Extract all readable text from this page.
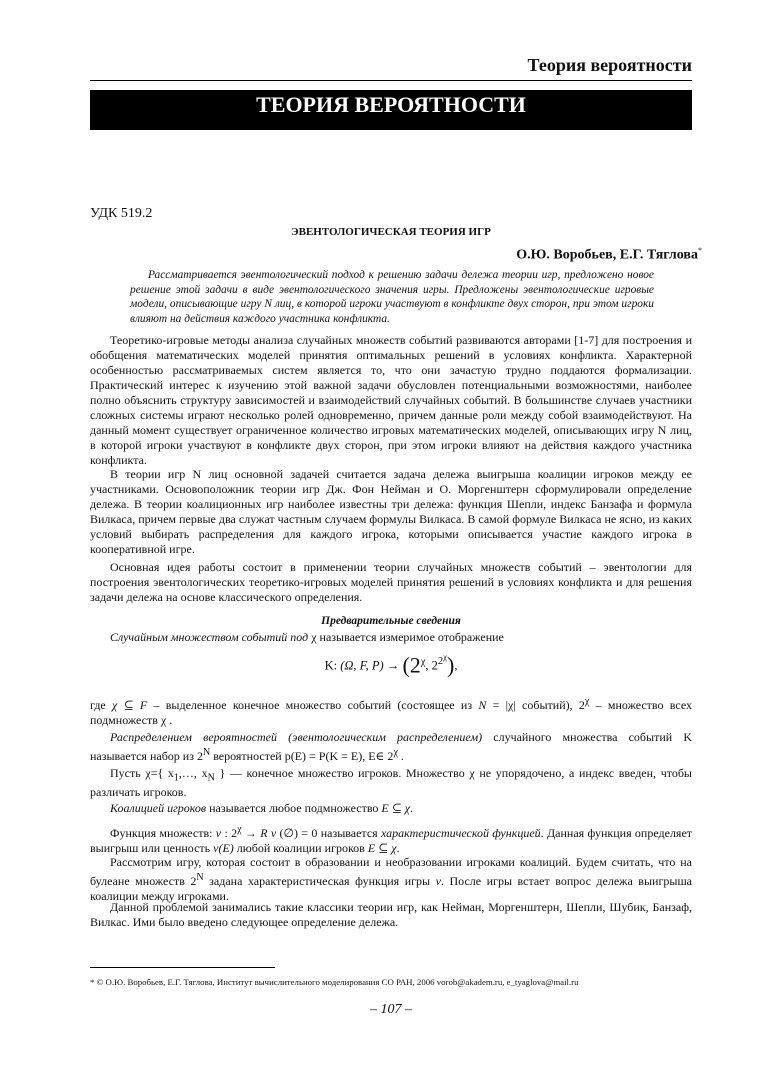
Теория вероятности
ТЕОРИЯ ВЕРОЯТНОСТИ
УДК 519.2
ЭВЕНТОЛОГИЧЕСКАЯ ТЕОРИЯ ИГР
О.Ю. Воробьев, Е.Г. Тяглова*
Рассматривается эвентологический подход к решению задачи дележа теории игр, предложено новое решение этой задачи в виде эвентологического значения игры. Предложены эвентологические игровые модели, описывающие игру N лиц, в которой игроки участвуют в конфликте двух сторон, при этом игроки влияют на действия каждого участника конфликта.
Теоретико-игровые методы анализа случайных множеств событий развиваются авторами [1-7] для построения и обобщения математических моделей принятия оптимальных решений в условиях конфликта. Характерной особенностью рассматриваемых систем является то, что они зачастую трудно поддаются формализации. Практический интерес к изучению этой важной задачи обусловлен потенциальными возможностями, наиболее полно объяснить структуру зависимостей и взаимодействий случайных событий. В большинстве случаев участники сложных системы играют несколько ролей одновременно, причем данные роли между собой взаимодействуют. На данный момент существует ограниченное количество игровых математических моделей, описывающих игру N лиц, в которой игроки участвуют в конфликте двух сторон, при этом игроки влияют на действия каждого участника конфликта.
В теории игр N лиц основной задачей считается задача дележа выигрыша коалиции игроков между ее участниками. Основоположник теории игр Дж. Фон Нейман и О. Моргенштерн сформулировали определение дележа. В теории коалиционных игр наиболее известны три дележа: функция Шепли, индекс Банзафа и формула Вилкаса, причем первые два служат частным случаем формулы Вилкаса. В самой формуле Вилкаса не ясно, из каких условий выбирать распределения для каждого игрока, которыми описывается участие каждого игрока в кооперативной игре.
Основная идея работы состоит в применении теории случайных множеств событий – эвентологии для построения эвентологических теоретико-игровых моделей принятия решений в условиях конфликта и для решения задачи дележа на основе классического определения.
Предварительные сведения
Случайным множеством событий под χ называется измеримое отображение
K: (Ω, F, $P) \to (2^\chi$, $2^{2^\chi}$),
где χ ⊆ F – выделенное конечное множество событий (состоящее из N = |χ| событий), $2^\chi$ – множество всех подмножеств χ .
Распределением вероятностей (эвентологическим распределением) случайного множества событий K называется набор из $2^N$ вероятностей p(E) = P(K = E), E∈ $2^\chi$ .
Пусть χ={ $x_1,\dots$, $x_N$ } — конечное множество игроков. Множество χ не упорядочено, а индекс введен, чтобы различать игроков.
Коалицией игроков называется любое подмножество E ⊆ χ.
Функция множеств: ν : $2^\chi \to R$ ν (∅) = 0 называется характеристической функцией. Данная функция определяет выигрыш или ценность ν(E) любой коалиции игроков E ⊆ χ.
Рассмотрим игру, которая состоит в образовании и необразовании игроками коалиций. Будем считать, что на булеане множеств $2^N$ задана характеристическая функция игры v. После игры встает вопрос дележа выигрыша коалиции между игроками.
Данной проблемой занимались такие классики теории игр, как Нейман, Моргенштерн, Шепли, Шубик, Банзаф, Вилкас. Ими было введено следующее определение дележа.
* © О.Ю. Воробьев, Е.Г. Тяглова, Институт вычислительного моделирования СО РАН, 2006 vorob@akadem.ru, e_tyaglova@mail.ru
– 107 –
